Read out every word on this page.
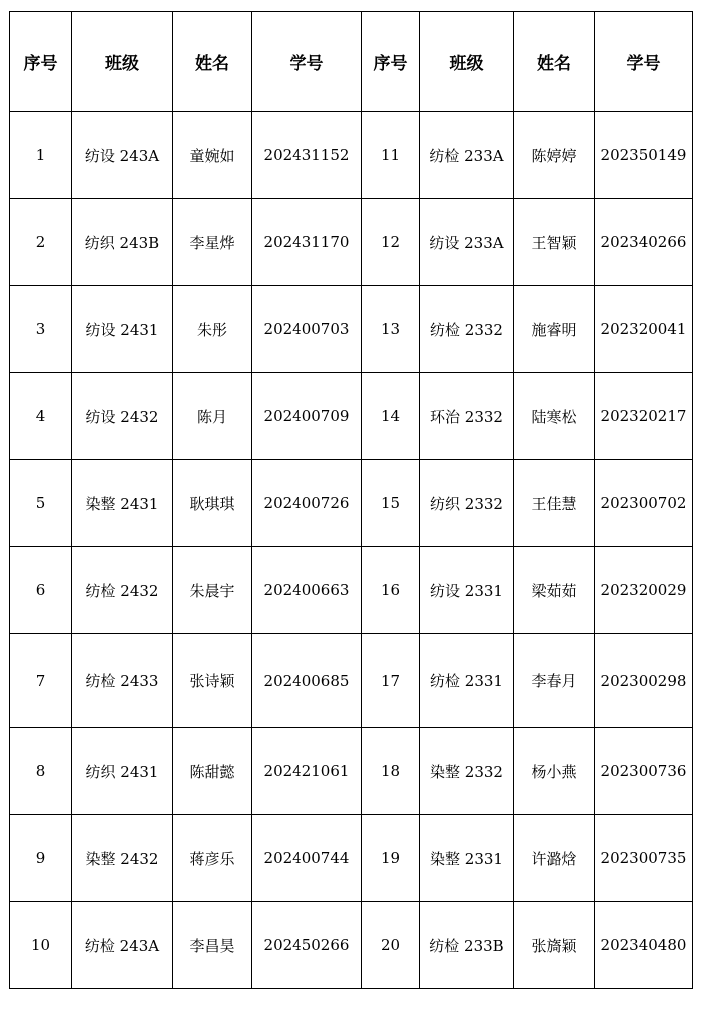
序号	班级	姓名	学号	序号	班级	姓名	学号
1	纺设 243A	童婉如	202431152	11	纺检 233A	陈婷婷	202350149
2	纺织 243B	李星烨	202431170	12	纺设 233A	王智颖	202340266
3	纺设 2431	朱彤	202400703	13	纺检 2332	施睿明	202320041
4	纺设 2432	陈月	202400709	14	环治 2332	陆寒松	202320217
5	染整 2431	耿琪琪	202400726	15	纺织 2332	王佳慧	202300702
6	纺检 2432	朱晨宇	202400663	16	纺设 2331	梁茹茹	202320029
7	纺检 2433	张诗颖	202400685	17	纺检 2331	李春月	202300298
8	纺织 2431	陈甜懿	202421061	18	染整 2332	杨小燕	202300736
9	染整 2432	蒋彦乐	202400744	19	染整 2331	许潞焓	202300735
10	纺检 243A	李昌昊	202450266	20	纺检 233B	张旖颖	202340480
